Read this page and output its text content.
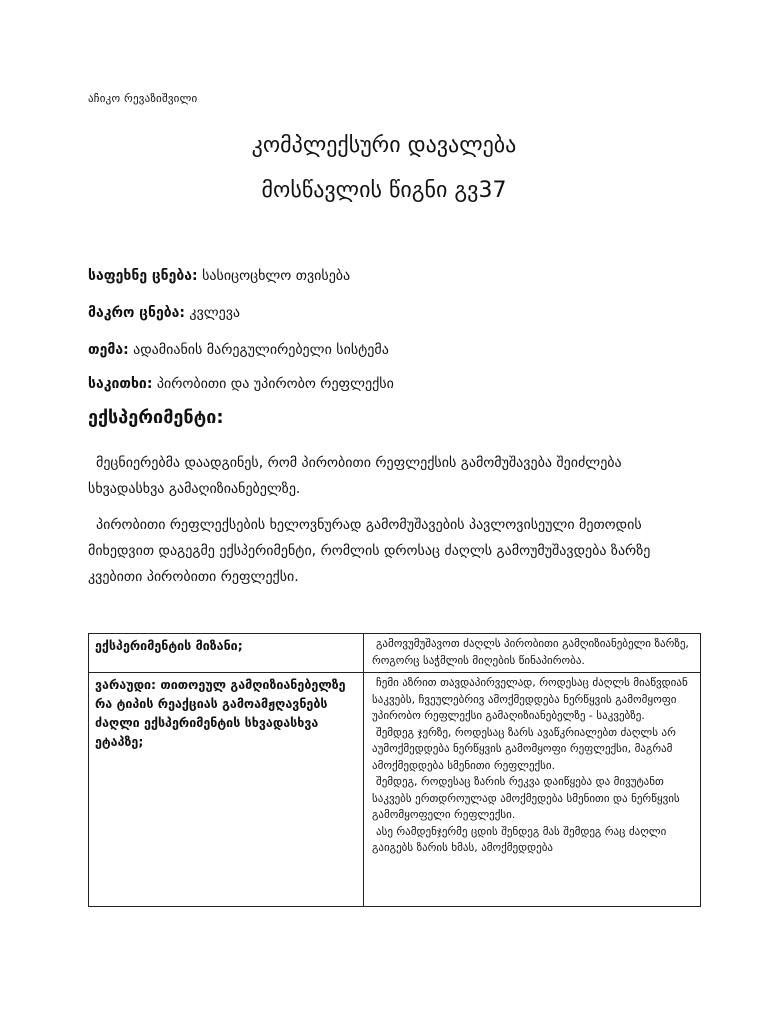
აჩიკო რევაზიშვილი
კომპლექსური დავალება
მოსწავლის წიგნი გვ37
საფეხნე ცნება: სასიცოცხლო თვისება
მაკრო ცნება: კვლევა
თემა: ადამიანის მარეგულირებელი სისტემა
საკითხი: პირობითი და უპირობო რეფლექსი
ექსპერიმენტი:
მეცნიერებმა დაადგინეს, რომ პირობითი რეფლექსის გამომუშავება შეიძლება სხვადასხვა გამაღიზიანებელზე.
პირობითი რეფლექსების ხელოვნურად გამომუშავების პავლოვისეული მეთოდის მიხედვით დაგეგმე ექსპერიმენტი, რომლის დროსაც ძაღლს გამოუმუშავდება ზარზე კვებითი პირობითი რეფლექსი.
ექსპერიმენტის მიზანი;	გამოვუმუშავოთ ძაღლს პირობითი გამღიზიანებელი ზარზე, როგორც საჭმლის მიღების წინაპირობა.

ვარაუდი: თითოეულ გამღიზიანებელზე რა ტიპის რეაქციას გამოამჟღავნებს ძაღლი ექსპერიმენტის სხვადასხვა ეტაპზე;	ჩემი აზრით თავდაპირველად, როდესაც ძაღლს მიაწვდიან საკვებს, ჩვეულებრივ ამოქმედდება ნერწყვის გამომყოფი უპირობო რეფლექსი გამაღიზიანებელზე - საკვებზე.

შემდეგ ჯერზე, როდესაც ზარს ავაწკრიალებთ ძაღლს არ აუმოქმედდება ნერწყვის გამომყოფი რეფლექსი, მაგრამ ამოქმედდება სმენითი რეფლექსი.

შემდეგ, როდესაც ზარის რეკვა დაიწყება და მივუტანთ საკვებს ერთდროულად ამოქმედება სმენითი და ნერწყვის გამომყოფელი რეფლექსი.

ასე რამდენჯერმე ცდის შენდეგ მას შემდეგ რაც ძაღლი გაიგებს ზარის ხმას, ამოქმედდება
